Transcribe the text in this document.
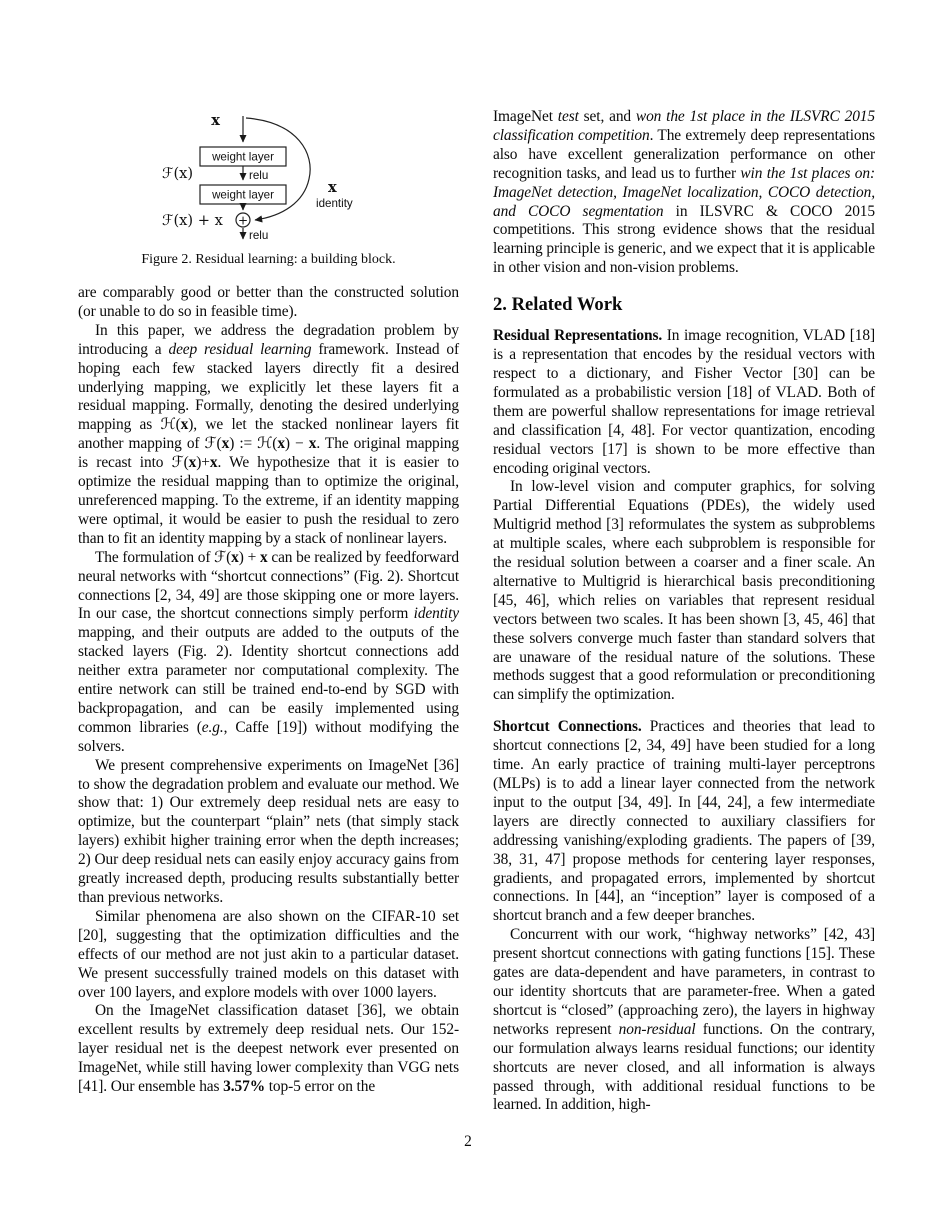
x
weight layer
relu
ℱ(x)
weight layer
+
ℱ(x) + x
relu
x
identity
Figure 2. Residual learning: a building block.
are comparably good or better than the constructed solution (or unable to do so in feasible time).
In this paper, we address the degradation problem by introducing a deep residual learning framework. Instead of hoping each few stacked layers directly fit a desired underlying mapping, we explicitly let these layers fit a residual mapping. Formally, denoting the desired underlying mapping as ℋ(x), we let the stacked nonlinear layers fit another mapping of ℱ(x) := ℋ(x) − x. The original mapping is recast into ℱ(x)+x. We hypothesize that it is easier to optimize the residual mapping than to optimize the original, unreferenced mapping. To the extreme, if an identity mapping were optimal, it would be easier to push the residual to zero than to fit an identity mapping by a stack of nonlinear layers.
The formulation of ℱ(x) + x can be realized by feedforward neural networks with “shortcut connections” (Fig. 2). Shortcut connections [2, 34, 49] are those skipping one or more layers. In our case, the shortcut connections simply perform identity mapping, and their outputs are added to the outputs of the stacked layers (Fig. 2). Identity shortcut connections add neither extra parameter nor computational complexity. The entire network can still be trained end-to-end by SGD with backpropagation, and can be easily implemented using common libraries (e.g., Caffe [19]) without modifying the solvers.
We present comprehensive experiments on ImageNet [36] to show the degradation problem and evaluate our method. We show that: 1) Our extremely deep residual nets are easy to optimize, but the counterpart “plain” nets (that simply stack layers) exhibit higher training error when the depth increases; 2) Our deep residual nets can easily enjoy accuracy gains from greatly increased depth, producing results substantially better than previous networks.
Similar phenomena are also shown on the CIFAR-10 set [20], suggesting that the optimization difficulties and the effects of our method are not just akin to a particular dataset. We present successfully trained models on this dataset with over 100 layers, and explore models with over 1000 layers.
On the ImageNet classification dataset [36], we obtain excellent results by extremely deep residual nets. Our 152-layer residual net is the deepest network ever presented on ImageNet, while still having lower complexity than VGG nets [41]. Our ensemble has 3.57% top-5 error on the
ImageNet test set, and won the 1st place in the ILSVRC 2015 classification competition. The extremely deep representations also have excellent generalization performance on other recognition tasks, and lead us to further win the 1st places on: ImageNet detection, ImageNet localization, COCO detection, and COCO segmentation in ILSVRC & COCO 2015 competitions. This strong evidence shows that the residual learning principle is generic, and we expect that it is applicable in other vision and non-vision problems.
2. Related Work
Residual Representations. In image recognition, VLAD [18] is a representation that encodes by the residual vectors with respect to a dictionary, and Fisher Vector [30] can be formulated as a probabilistic version [18] of VLAD. Both of them are powerful shallow representations for image retrieval and classification [4, 48]. For vector quantization, encoding residual vectors [17] is shown to be more effective than encoding original vectors.
In low-level vision and computer graphics, for solving Partial Differential Equations (PDEs), the widely used Multigrid method [3] reformulates the system as subproblems at multiple scales, where each subproblem is responsible for the residual solution between a coarser and a finer scale. An alternative to Multigrid is hierarchical basis preconditioning [45, 46], which relies on variables that represent residual vectors between two scales. It has been shown [3, 45, 46] that these solvers converge much faster than standard solvers that are unaware of the residual nature of the solutions. These methods suggest that a good reformulation or preconditioning can simplify the optimization.
Shortcut Connections. Practices and theories that lead to shortcut connections [2, 34, 49] have been studied for a long time. An early practice of training multi-layer perceptrons (MLPs) is to add a linear layer connected from the network input to the output [34, 49]. In [44, 24], a few intermediate layers are directly connected to auxiliary classifiers for addressing vanishing/exploding gradients. The papers of [39, 38, 31, 47] propose methods for centering layer responses, gradients, and propagated errors, implemented by shortcut connections. In [44], an “inception” layer is composed of a shortcut branch and a few deeper branches.
Concurrent with our work, “highway networks” [42, 43] present shortcut connections with gating functions [15]. These gates are data-dependent and have parameters, in contrast to our identity shortcuts that are parameter-free. When a gated shortcut is “closed” (approaching zero), the layers in highway networks represent non-residual functions. On the contrary, our formulation always learns residual functions; our identity shortcuts are never closed, and all information is always passed through, with additional residual functions to be learned. In addition, high-
2
